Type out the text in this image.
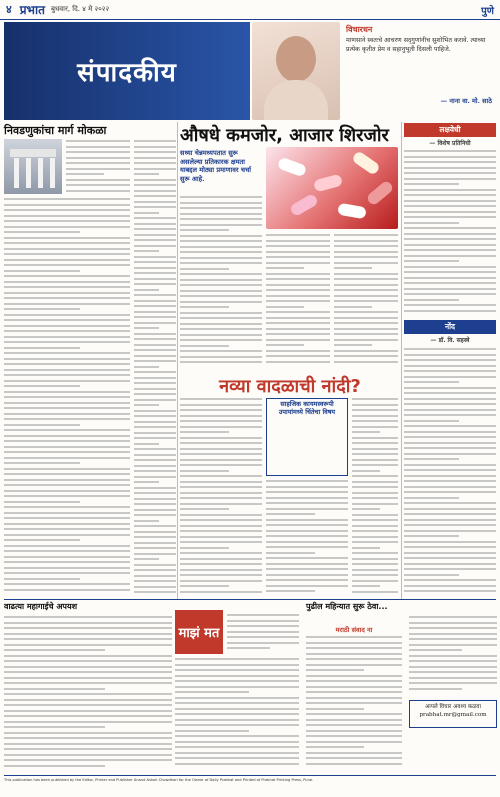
४ प्रभात बुधवार, दि. ४ मे २०२२	पुणे
संपादकीय
विचारधन
माणसाने स्वतःचे आचरण सद्‌गुणांनीच सुशोभित करावे. त्याच्या प्रत्येक कृतीत प्रेम व सहानुभूती दिसली पाहिजे.
— नाना वा. मो. साठे
निवडणुकांचा मार्ग मोकळा	औषधे कमजोर, आजार शिरजोर
सध्या चेन्नमध्यपतात सुरू असलेल्या प्रतिकारक क्षमता याबद्दल मोठ्या प्रमाणावर चर्चा सुरू आहे.
नव्या वादळाची नांदी?
साहजिक कायमस्वरूपी उपायांमध्ये चिंतेचा विषय
लक्षवेधी
— विशेष प्रतिनिधी
नोंद
— डॉ. वि. सहस्त्रे
वाढत्या महागाईचे अपयश
माझं मत
पुढील महिन्यात सुरू ठेवा...
मराठी संवाद ना
आपले विचार अवश्य कळवा prabhat.mr@gmail.com
This publication has been published by the Editor, Printer and Publisher Anand Ashok Chowdhari for the Owner of Daily Prabhat and Printed at Prabhat Printing Press, Pune.
